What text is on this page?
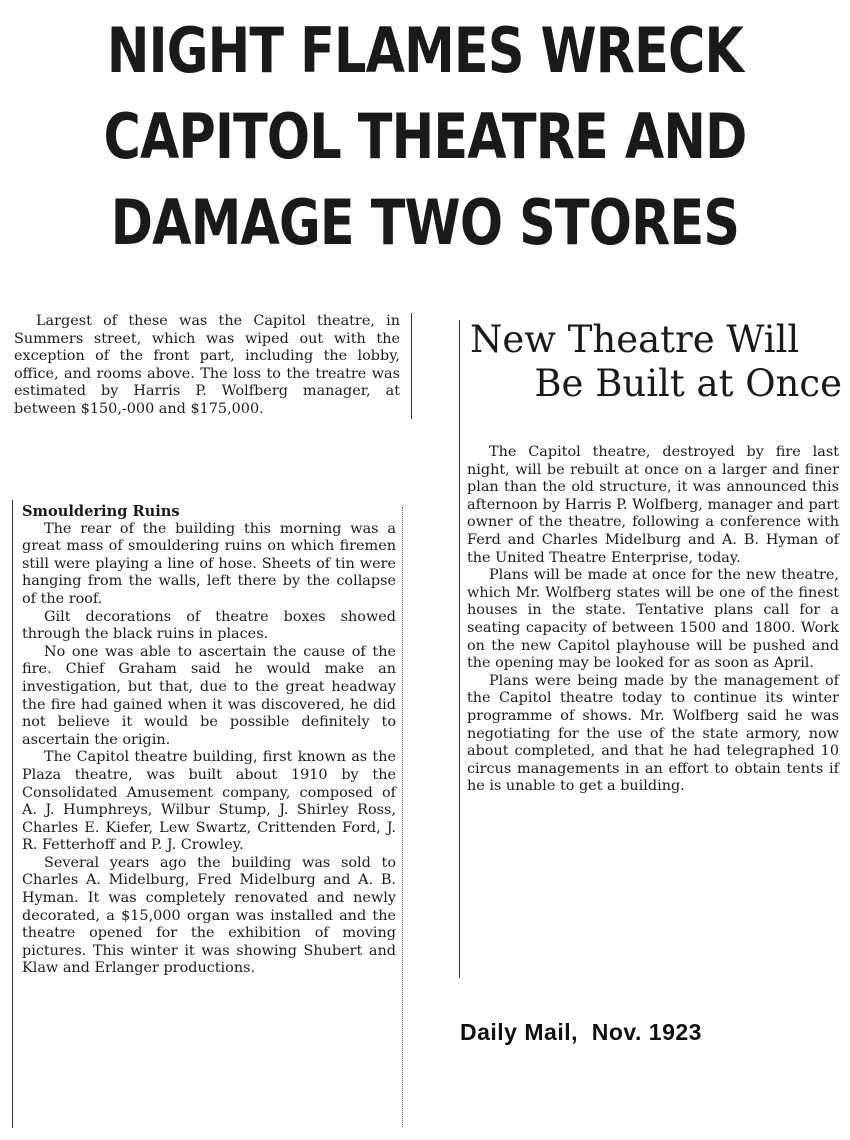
NIGHT FLAMES WRECK
CAPITOL THEATRE AND
DAMAGE TWO STORES

Largest of these was the Capitol theatre, in Summers street, which was wiped out with the exception of the front part, including the lobby, office, and rooms above. The loss to the treatre was estimated by Harris P. Wolfberg manager, at between $150,-000 and $175,000.

Smouldering Ruins

The rear of the building this morning was a great mass of smouldering ruins on which firemen still were playing a line of hose. Sheets of tin were hanging from the walls, left there by the collapse of the roof.

Gilt decorations of theatre boxes showed through the black ruins in places.

No one was able to ascertain the cause of the fire. Chief Graham said he would make an investigation, but that, due to the great headway the fire had gained when it was discovered, he did not believe it would be possible definitely to ascertain the origin.

The Capitol theatre building, first known as the Plaza theatre, was built about 1910 by the Consolidated Amusement company, composed of A. J. Humphreys, Wilbur Stump, J. Shirley Ross, Charles E. Kiefer, Lew Swartz, Crittenden Ford, J. R. Fetterhoff and P. J. Crowley.

Several years ago the building was sold to Charles A. Midelburg, Fred Midelburg and A. B. Hyman. It was completely renovated and newly decorated, a $15,000 organ was installed and the theatre opened for the exhibition of moving pictures. This winter it was showing Shubert and Klaw and Erlanger productions.

New Theatre Will
Be Built at Once

The Capitol theatre, destroyed by fire last night, will be rebuilt at once on a larger and finer plan than the old structure, it was announced this afternoon by Harris P. Wolfberg, manager and part owner of the theatre, following a conference with Ferd and Charles Midelburg and A. B. Hyman of the United Theatre Enterprise, today.

Plans will be made at once for the new theatre, which Mr. Wolfberg states will be one of the finest houses in the state. Tentative plans call for a seating capacity of between 1500 and 1800. Work on the new Capitol playhouse will be pushed and the opening may be looked for as soon as April.

Plans were being made by the management of the Capitol theatre today to continue its winter programme of shows. Mr. Wolfberg said he was negotiating for the use of the state armory, now about completed, and that he had telegraphed 10 circus managements in an effort to obtain tents if he is unable to get a building.

Daily Mail,  Nov. 1923
